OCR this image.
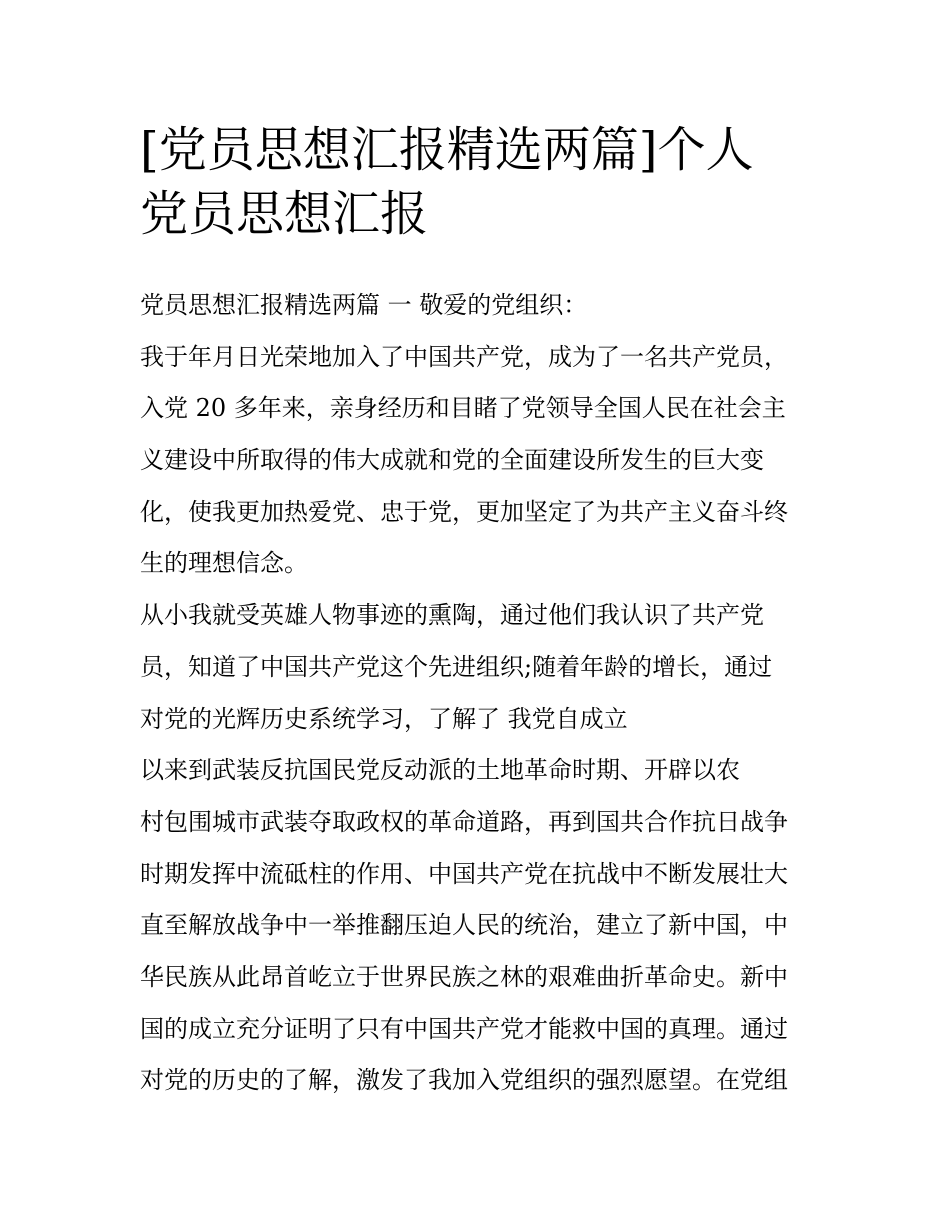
[党员思想汇报精选两篇]个人
党员思想汇报
党员思想汇报精选两篇 一 敬爱的党组织：
我于年月日光荣地加入了中国共产党，成为了一名共产党员，
入党 20 多年来，亲身经历和目睹了党领导全国人民在社会主
义建设中所取得的伟大成就和党的全面建设所发生的巨大变
化，使我更加热爱党、忠于党，更加坚定了为共产主义奋斗终
生的理想信念。
从小我就受英雄人物事迹的熏陶，通过他们我认识了共产党
员，知道了中国共产党这个先进组织;随着年龄的增长，通过
对党的光辉历史系统学习，了解了 我党自成立
以来到武装反抗国民党反动派的土地革命时期、开辟以农
村包围城市武装夺取政权的革命道路，再到国共合作抗日战争
时期发挥中流砥柱的作用、中国共产党在抗战中不断发展壮大
直至解放战争中一举推翻压迫人民的统治，建立了新中国，中
华民族从此昂首屹立于世界民族之林的艰难曲折革命史。新中
国的成立充分证明了只有中国共产党才能救中国的真理。通过
对党的历史的了解，激发了我加入党组织的强烈愿望。在党组
